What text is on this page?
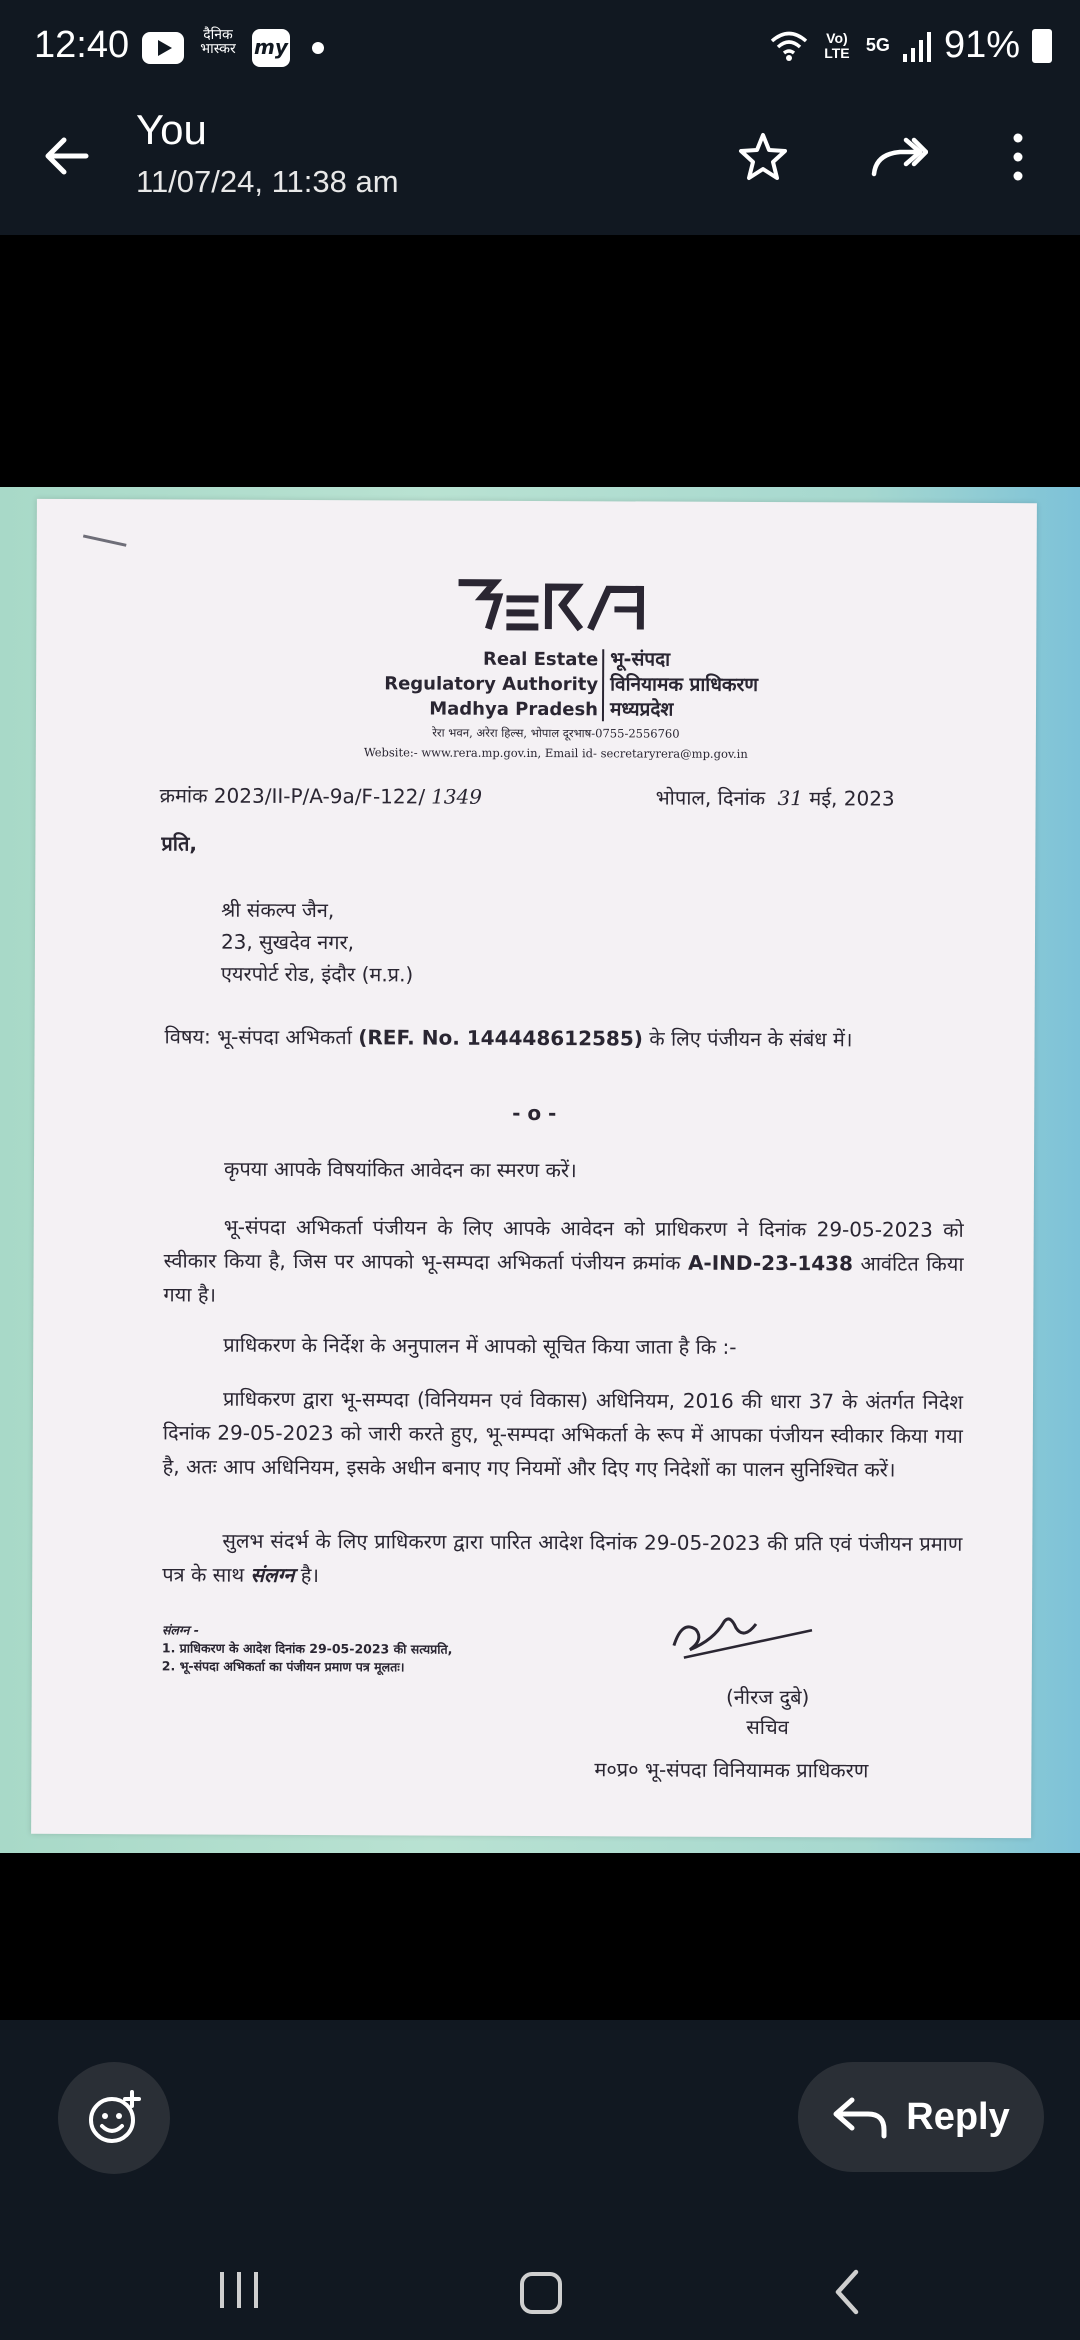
12:40	दैनिक भास्कर my	Vo) LTE 5G 91%
You
11/07/24, 11:38 am
Real Estate
Regulatory Authority
Madhya Pradesh
भू-संपदा
विनियामक प्राधिकरण
मध्यप्रदेश
रेरा भवन, अरेरा हिल्स, भोपाल दूरभाष-0755-2556760
Website:- www.rera.mp.gov.in, Email id- secretaryrera@mp.gov.in
क्रमांक 2023/II-P/A-9a/F-122/ 1349	भोपाल, दिनांक 31 मई, 2023
प्रति,
श्री संकल्प जैन,
23, सुखदेव नगर,
एयरपोर्ट रोड, इंदौर (म.प्र.)
विषय: भू-संपदा अभिकर्ता (REF. No. 144448612585) के लिए पंजीयन के संबंध में।
- o -
कृपया आपके विषयांकित आवेदन का स्मरण करें।
भू-संपदा अभिकर्ता पंजीयन के लिए आपके आवेदन को प्राधिकरण ने दिनांक 29-05-2023 को स्वीकार किया है, जिस पर आपको भू-सम्पदा अभिकर्ता पंजीयन क्रमांक A-IND-23-1438 आवंटित किया गया है।
प्राधिकरण के निर्देश के अनुपालन में आपको सूचित किया जाता है कि :-
प्राधिकरण द्वारा भू-सम्पदा (विनियमन एवं विकास) अधिनियम, 2016 की धारा 37 के अंतर्गत निदेश दिनांक 29-05-2023 को जारी करते हुए, भू-सम्पदा अभिकर्ता के रूप में आपका पंजीयन स्वीकार किया गया है, अतः आप अधिनियम, इसके अधीन बनाए गए नियमों और दिए गए निदेशों का पालन सुनिश्चित करें।
सुलभ संदर्भ के लिए प्राधिकरण द्वारा पारित आदेश दिनांक 29-05-2023 की प्रति एवं पंजीयन प्रमाण पत्र के साथ संलग्न है।
संलग्न -
1. प्राधिकरण के आदेश दिनांक 29-05-2023 की सत्यप्रति,
2. भू-संपदा अभिकर्ता का पंजीयन प्रमाण पत्र मूलतः।
(नीरज दुबे)
सचिव
म०प्र० भू-संपदा विनियामक प्राधिकरण
Reply
